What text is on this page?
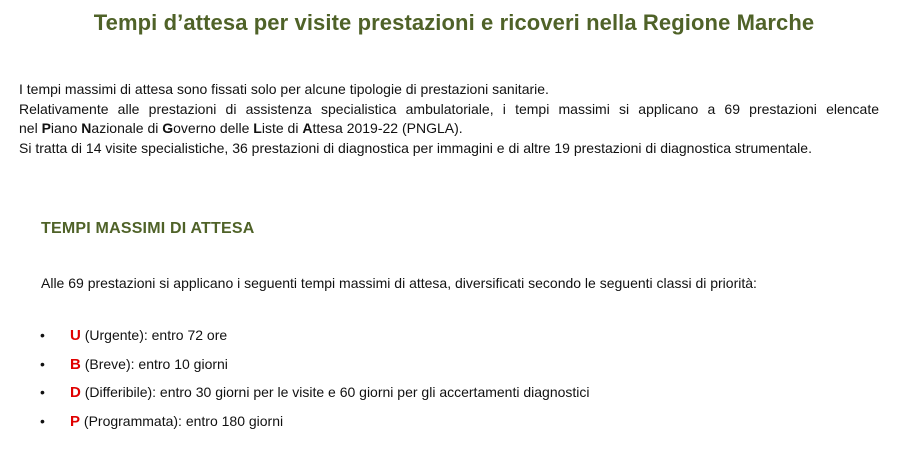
Tempi d’attesa per visite prestazioni e ricoveri nella Regione Marche

I tempi massimi di attesa sono fissati solo per alcune tipologie di prestazioni sanitarie.

Relativamente alle prestazioni di assistenza specialistica ambulatoriale, i tempi massimi si applicano a 69 prestazioni elencate

nel Piano Nazionale di Governo delle Liste di Attesa 2019-22 (PNGLA).

Si tratta di 14 visite specialistiche, 36 prestazioni di diagnostica per immagini e di altre 19 prestazioni di diagnostica strumentale.

TEMPI MASSIMI DI ATTESA
Alle 69 prestazioni si applicano i seguenti tempi massimi di attesa, diversificati secondo le seguenti classi di priorità:
• U (Urgente): entro 72 ore
• B (Breve): entro 10 giorni
• D (Differibile): entro 30 giorni per le visite e 60 giorni per gli accertamenti diagnostici
• P (Programmata): entro 180 giorni
